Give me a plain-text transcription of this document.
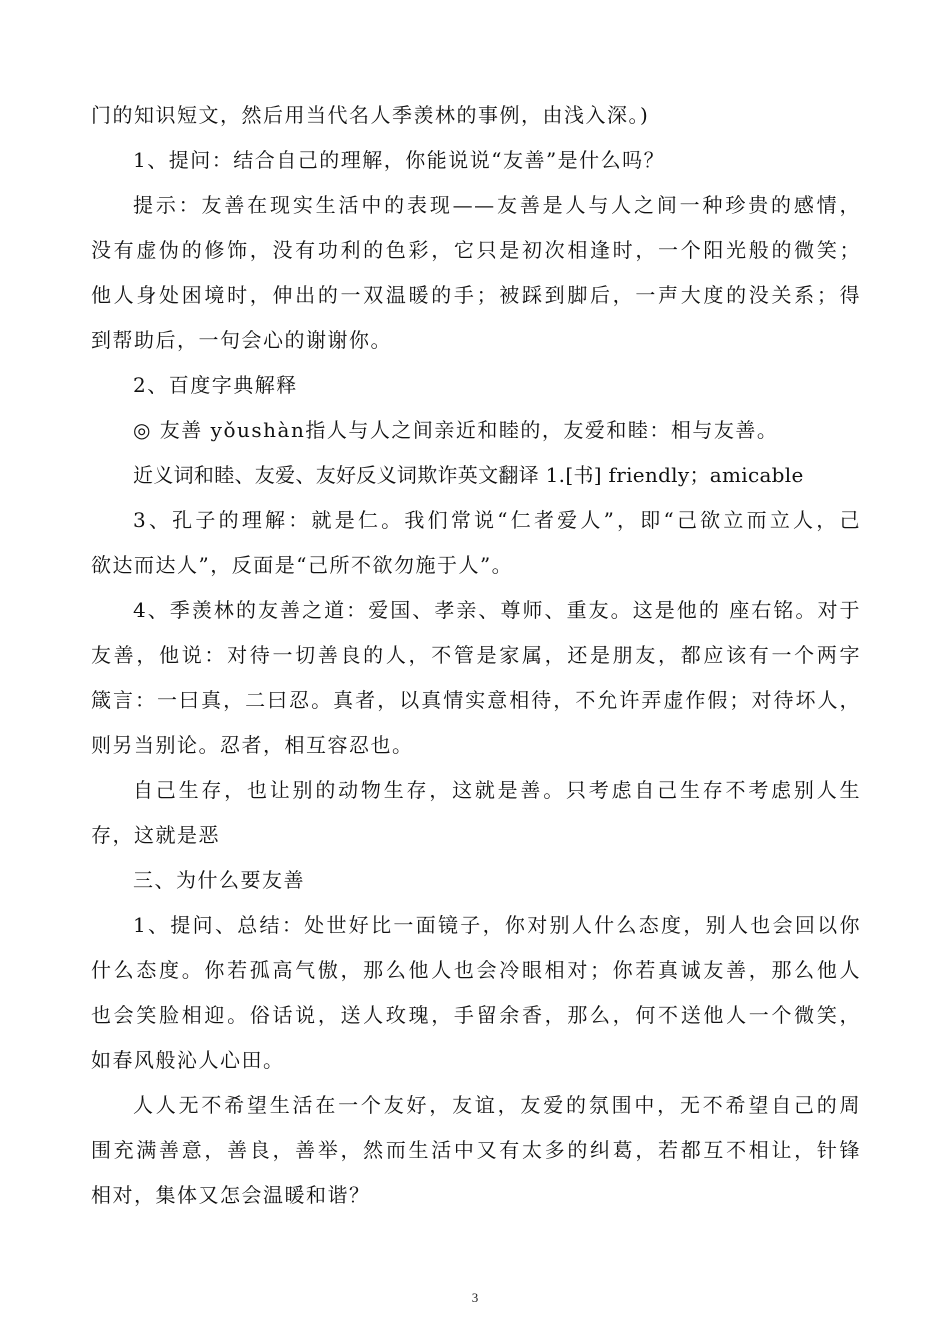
门的知识短文，然后用当代名人季羡林的事例，由浅入深。)
1、提问：结合自己的理解，你能说说“友善”是什么吗？
提示：友善在现实生活中的表现——友善是人与人之间一种珍贵的感情，
没有虚伪的修饰，没有功利的色彩，它只是初次相逢时，一个阳光般的微笑；
他人身处困境时，伸出的一双温暖的手；被踩到脚后，一声大度的没关系；得
到帮助后，一句会心的谢谢你。
2、百度字典解释
◎ 友善 yǒushàn指人与人之间亲近和睦的，友爱和睦：相与友善。
近义词和睦、友爱、友好反义词欺诈英文翻译 1.[书] friendly；amicable
3、孔子的理解：就是仁。我们常说“仁者爱人”，即“己欲立而立人，己
欲达而达人”，反面是“己所不欲勿施于人”。
4、季羡林的友善之道：爱国、孝亲、尊师、重友。这是他的 座右铭。对于
友善，他说：对待一切善良的人，不管是家属，还是朋友，都应该有一个两字
箴言：一曰真，二曰忍。真者，以真情实意相待，不允许弄虚作假；对待坏人，
则另当别论。忍者，相互容忍也。
自己生存，也让别的动物生存，这就是善。只考虑自己生存不考虑别人生
存，这就是恶
三、为什么要友善
1、提问、总结：处世好比一面镜子，你对别人什么态度，别人也会回以你
什么态度。你若孤高气傲，那么他人也会冷眼相对；你若真诚友善，那么他人
也会笑脸相迎。俗话说，送人玫瑰，手留余香，那么，何不送他人一个微笑，
如春风般沁人心田。
人人无不希望生活在一个友好，友谊，友爱的氛围中，无不希望自己的周
围充满善意，善良，善举，然而生活中又有太多的纠葛，若都互不相让，针锋
相对，集体又怎会温暖和谐？
3
